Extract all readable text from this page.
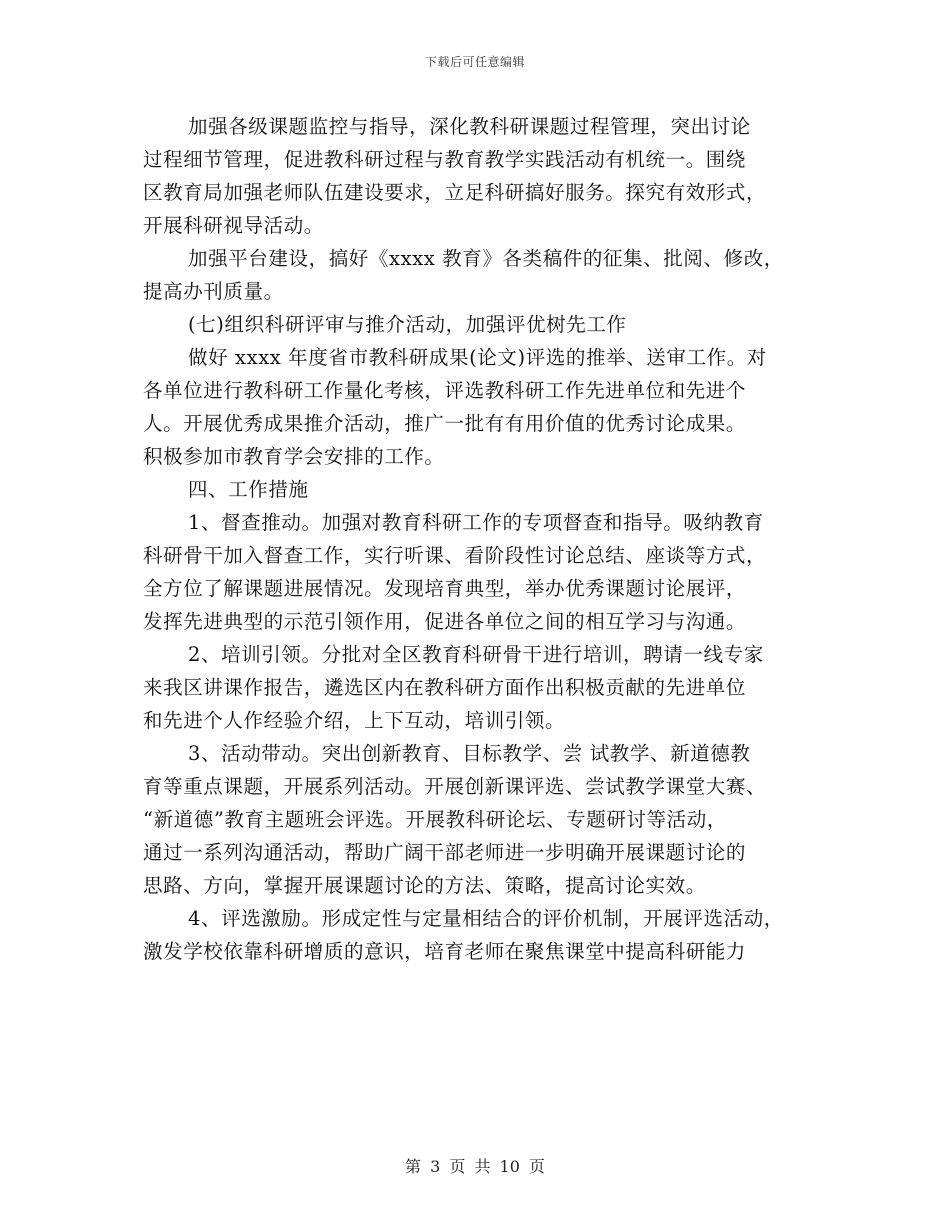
下载后可任意编辑
加强各级课题监控与指导，深化教科研课题过程管理，突出讨论
过程细节管理，促进教科研过程与教育教学实践活动有机统一。围绕
区教育局加强老师队伍建设要求，立足科研搞好服务。探究有效形式，
开展科研视导活动。
加强平台建设，搞好《xxxx 教育》各类稿件的征集、批阅、修改，
提高办刊质量。
(七)组织科研评审与推介活动，加强评优树先工作
做好 xxxx 年度省市教科研成果(论文)评选的推举、送审工作。对
各单位进行教科研工作量化考核，评选教科研工作先进单位和先进个
人。开展优秀成果推介活动，推广一批有有用价值的优秀讨论成果。
积极参加市教育学会安排的工作。
四、工作措施
1、督查推动。加强对教育科研工作的专项督查和指导。吸纳教育
科研骨干加入督查工作，实行听课、看阶段性讨论总结、座谈等方式，
全方位了解课题进展情况。发现培育典型，举办优秀课题讨论展评，
发挥先进典型的示范引领作用，促进各单位之间的相互学习与沟通。
2、培训引领。分批对全区教育科研骨干进行培训，聘请一线专家
来我区讲课作报告，遴选区内在教科研方面作出积极贡献的先进单位
和先进个人作经验介绍，上下互动，培训引领。
3、活动带动。突出创新教育、目标教学、尝 试教学、新道德教
育等重点课题，开展系列活动。开展创新课评选、尝试教学课堂大赛、
“新道德”教育主题班会评选。开展教科研论坛、专题研讨等活动，
通过一系列沟通活动，帮助广阔干部老师进一步明确开展课题讨论的
思路、方向，掌握开展课题讨论的方法、策略，提高讨论实效。
4、评选激励。形成定性与定量相结合的评价机制，开展评选活动，
激发学校依靠科研增质的意识，培育老师在聚焦课堂中提高科研能力
第 3 页 共 10 页
